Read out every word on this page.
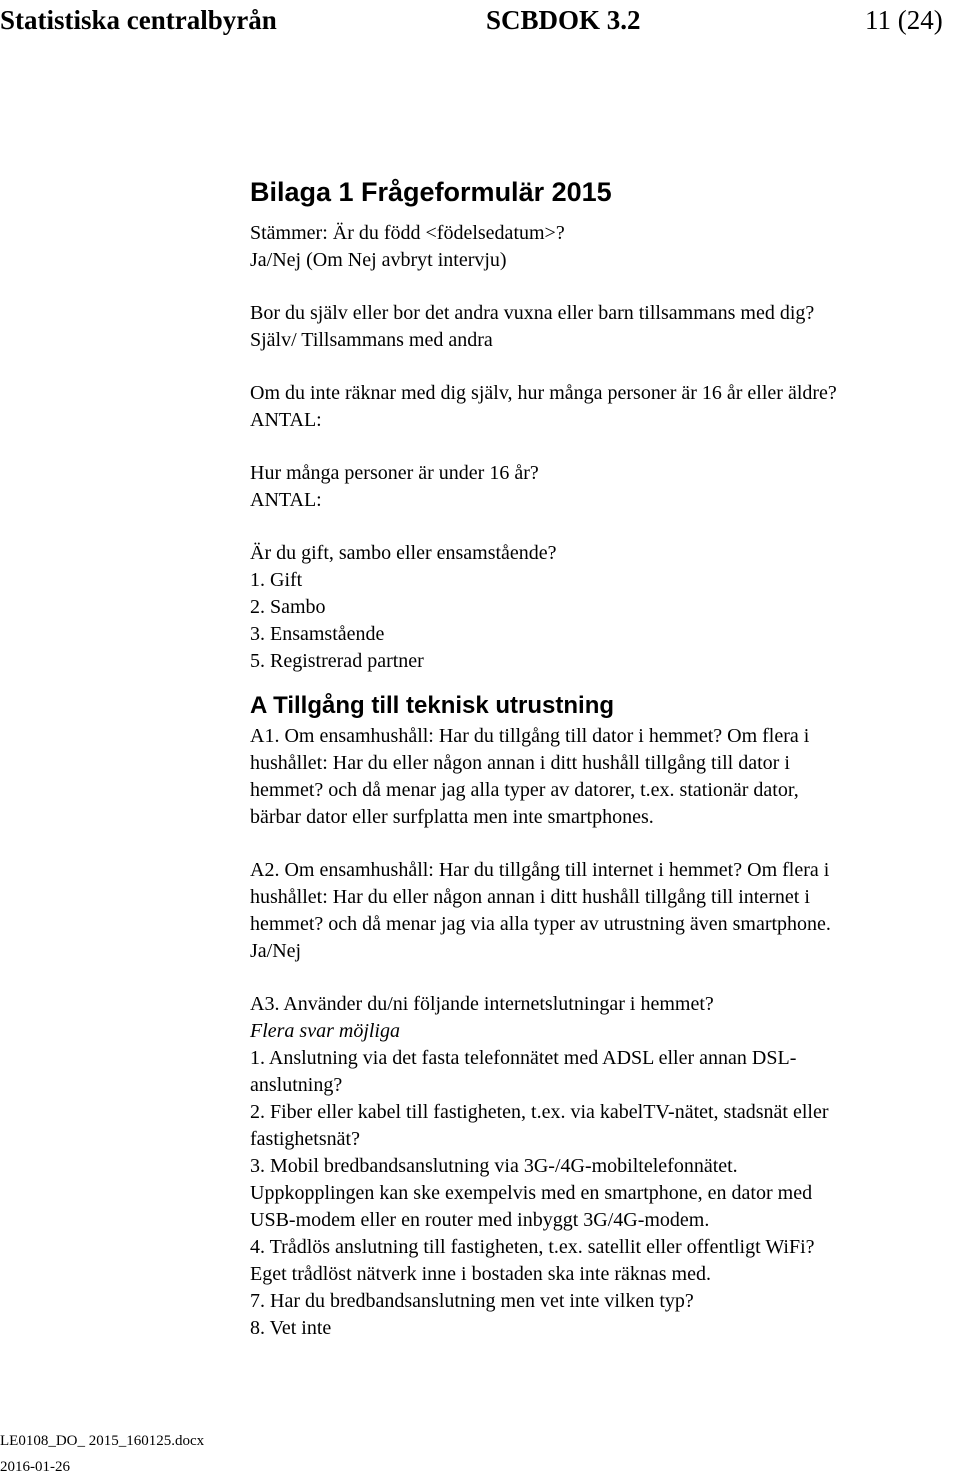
Statistiska centralbyrån	SCBDOK 3.2	11 (24)
Bilaga 1 Frågeformulär 2015
Stämmer: Är du född <födelsedatum>?
Ja/Nej (Om Nej avbryt intervju)
Bor du själv eller bor det andra vuxna eller barn tillsammans med dig?
Själv/ Tillsammans med andra
Om du inte räknar med dig själv, hur många personer är 16 år eller äldre?
ANTAL:
Hur många personer är under 16 år?
ANTAL:
Är du gift, sambo eller ensamstående?
1. Gift
2. Sambo
3. Ensamstående
5. Registrerad partner
A Tillgång till teknisk utrustning
A1. Om ensamhushåll: Har du tillgång till dator i hemmet? Om flera i
hushållet: Har du eller någon annan i ditt hushåll tillgång till dator i
hemmet? och då menar jag alla typer av datorer, t.ex. stationär dator,
bärbar dator eller surfplatta men inte smartphones.
A2. Om ensamhushåll: Har du tillgång till internet i hemmet? Om flera i
hushållet: Har du eller någon annan i ditt hushåll tillgång till internet i
hemmet? och då menar jag via alla typer av utrustning även smartphone.
Ja/Nej
A3. Använder du/ni följande internetslutningar i hemmet?
Flera svar möjliga
1. Anslutning via det fasta telefonnätet med ADSL eller annan DSL-
anslutning?
2. Fiber eller kabel till fastigheten, t.ex. via kabelTV-nätet, stadsnät eller
fastighetsnät?
3. Mobil bredbandsanslutning via 3G-/4G-mobiltelefonnätet.
Uppkopplingen kan ske exempelvis med en smartphone, en dator med
USB-modem eller en router med inbyggt 3G/4G-modem.
4. Trådlös anslutning till fastigheten, t.ex. satellit eller offentligt WiFi?
Eget trådlöst nätverk inne i bostaden ska inte räknas med.
7. Har du bredbandsanslutning men vet inte vilken typ?
8. Vet inte
LE0108_DO_ 2015_160125.docx
2016-01-26
